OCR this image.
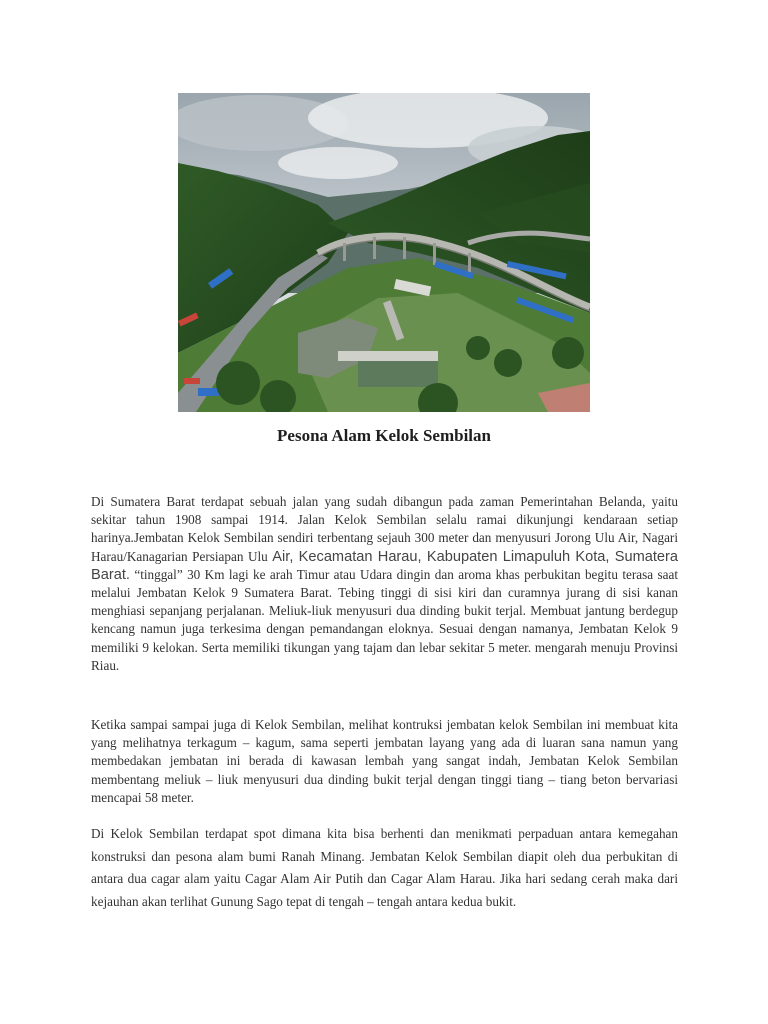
Pesona Alam Kelok Sembilan
Di Sumatera Barat terdapat sebuah jalan yang sudah dibangun pada zaman Pemerintahan Belanda, yaitu sekitar tahun 1908 sampai 1914. Jalan Kelok Sembilan selalu ramai dikunjungi kendaraan setiap harinya.Jembatan Kelok Sembilan sendiri terbentang sejauh 300 meter dan menyusuri Jorong Ulu Air, Nagari Harau/Kanagarian Persiapan Ulu Air, Kecamatan Harau, Kabupaten Limapuluh Kota, Sumatera Barat. “tinggal” 30 Km lagi ke arah Timur atau Udara dingin dan aroma khas perbukitan begitu terasa saat melalui Jembatan Kelok 9 Sumatera Barat. Tebing tinggi di sisi kiri dan curamnya jurang di sisi kanan menghiasi sepanjang perjalanan. Meliuk-liuk menyusuri dua dinding bukit terjal. Membuat jantung berdegup kencang namun juga terkesima dengan pemandangan eloknya. Sesuai dengan namanya, Jembatan Kelok 9 memiliki 9 kelokan. Serta memiliki tikungan yang tajam dan lebar sekitar 5 meter. mengarah menuju Provinsi Riau.
Ketika sampai sampai juga di Kelok Sembilan, melihat kontruksi jembatan kelok Sembilan ini membuat kita yang melihatnya terkagum – kagum, sama seperti jembatan layang yang ada di luaran sana namun yang membedakan jembatan ini berada di kawasan lembah yang sangat indah, Jembatan Kelok Sembilan membentang meliuk – liuk menyusuri dua dinding bukit terjal dengan tinggi tiang – tiang beton bervariasi mencapai 58 meter.
Di Kelok Sembilan terdapat spot dimana kita bisa berhenti dan menikmati perpaduan antara kemegahan konstruksi dan pesona alam bumi Ranah Minang. Jembatan Kelok Sembilan diapit oleh dua perbukitan di antara dua cagar alam yaitu Cagar Alam Air Putih dan Cagar Alam Harau. Jika hari sedang cerah maka dari kejauhan akan terlihat Gunung Sago tepat di tengah – tengah antara kedua bukit.
